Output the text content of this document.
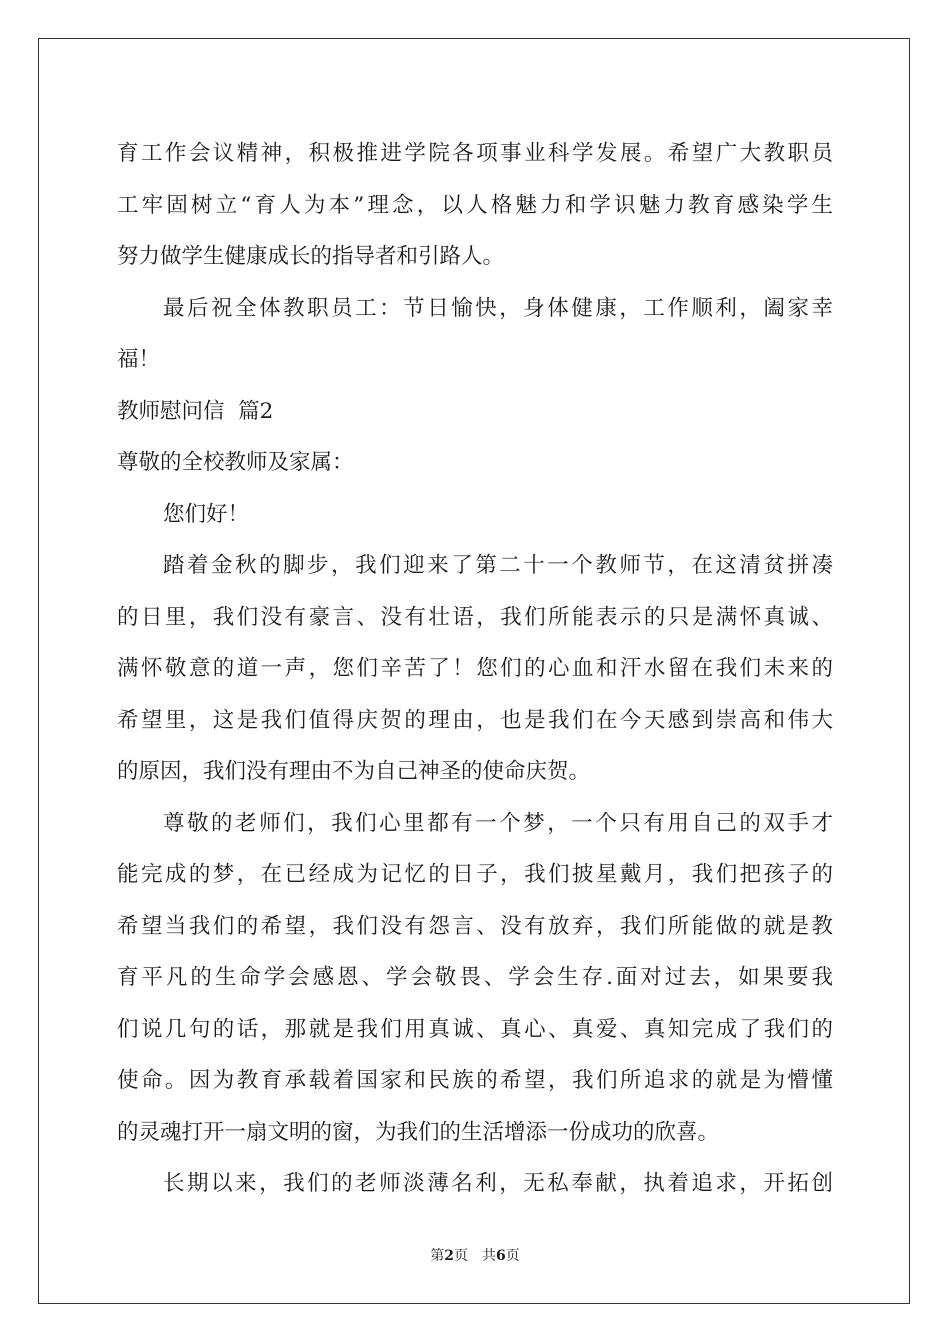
育工作会议精神，积极推进学院各项事业科学发展。希望广大教职员
工牢固树立“育人为本”理念，以人格魅力和学识魅力教育感染学生
努力做学生健康成长的指导者和引路人。
最后祝全体教职员工：节日愉快，身体健康，工作顺利，阖家幸
福！
教师慰问信  篇2
尊敬的全校教师及家属：
您们好！
踏着金秋的脚步，我们迎来了第二十一个教师节，在这清贫拼凑
的日里，我们没有豪言、没有壮语，我们所能表示的只是满怀真诚、
满怀敬意的道一声，您们辛苦了！您们的心血和汗水留在我们未来的
希望里，这是我们值得庆贺的理由，也是我们在今天感到崇高和伟大
的原因，我们没有理由不为自己神圣的使命庆贺。
尊敬的老师们，我们心里都有一个梦，一个只有用自己的双手才
能完成的梦，在已经成为记忆的日子，我们披星戴月，我们把孩子的
希望当我们的希望，我们没有怨言、没有放弃，我们所能做的就是教
育平凡的生命学会感恩、学会敬畏、学会生存.面对过去，如果要我
们说几句的话，那就是我们用真诚、真心、真爱、真知完成了我们的
使命。因为教育承载着国家和民族的希望，我们所追求的就是为懵懂
的灵魂打开一扇文明的窗，为我们的生活增添一份成功的欣喜。
长期以来，我们的老师淡薄名利，无私奉献，执着追求，开拓创
第2页 共6页
